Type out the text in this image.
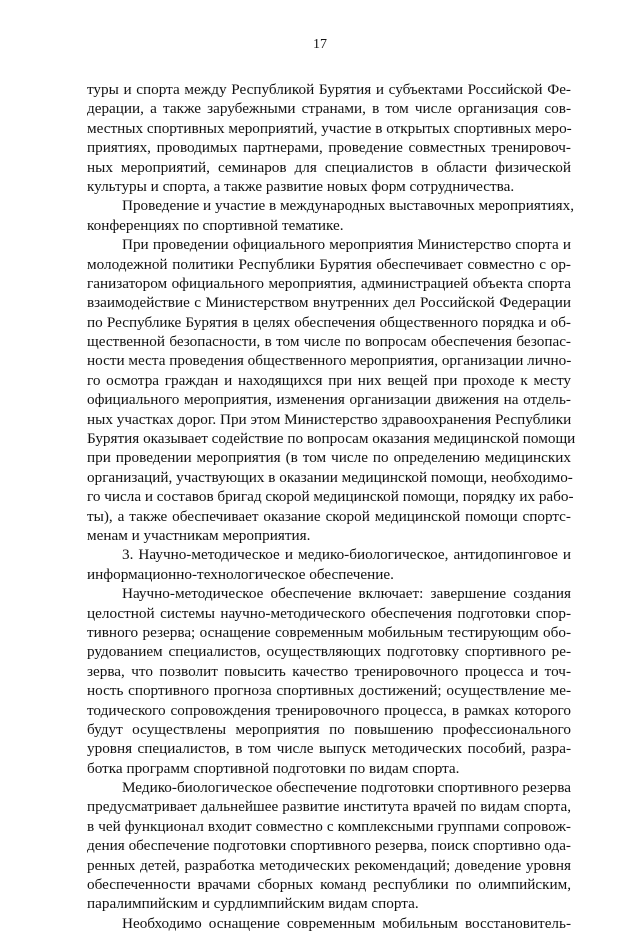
17
туры и спорта между Республикой Бурятия и субъектами Российской Фе-
дерации, а также зарубежными странами, в том числе организация сов-
местных спортивных мероприятий, участие в открытых спортивных меро-
приятиях, проводимых партнерами, проведение совместных тренировоч-
ных мероприятий, семинаров для специалистов в области физической
культуры и спорта, а также развитие новых форм сотрудничества.
Проведение и участие в международных выставочных мероприятиях,
конференциях по спортивной тематике.
При проведении официального мероприятия Министерство спорта и
молодежной политики Республики Бурятия обеспечивает совместно с ор-
ганизатором официального мероприятия, администрацией объекта спорта
взаимодействие с Министерством внутренних дел Российской Федерации
по Республике Бурятия в целях обеспечения общественного порядка и об-
щественной безопасности, в том числе по вопросам обеспечения безопас-
ности места проведения общественного мероприятия, организации лично-
го осмотра граждан и находящихся при них вещей при проходе к месту
официального мероприятия, изменения организации движения на отдель-
ных участках дорог. При этом Министерство здравоохранения Республики
Бурятия оказывает содействие по вопросам оказания медицинской помощи
при проведении мероприятия (в том числе по определению медицинских
организаций, участвующих в оказании медицинской помощи, необходимо-
го числа и составов бригад скорой медицинской помощи, порядку их рабо-
ты), а также обеспечивает оказание скорой медицинской помощи спортс-
менам и участникам мероприятия.
3. Научно-методическое и медико-биологическое, антидопинговое и
информационно-технологическое обеспечение.
Научно-методическое обеспечение включает: завершение создания
целостной системы научно-методического обеспечения подготовки спор-
тивного резерва; оснащение современным мобильным тестирующим обо-
рудованием специалистов, осуществляющих подготовку спортивного ре-
зерва, что позволит повысить качество тренировочного процесса и точ-
ность спортивного прогноза спортивных достижений; осуществление ме-
тодического сопровождения тренировочного процесса, в рамках которого
будут осуществлены мероприятия по повышению профессионального
уровня специалистов, в том числе выпуск методических пособий, разра-
ботка программ спортивной подготовки по видам спорта.
Медико-биологическое обеспечение подготовки спортивного резерва
предусматривает дальнейшее развитие института врачей по видам спорта,
в чей функционал входит совместно с комплексными группами сопровож-
дения обеспечение подготовки спортивного резерва, поиск спортивно ода-
ренных детей, разработка методических рекомендаций; доведение уровня
обеспеченности врачами сборных команд республики по олимпийским,
паралимпийским и сурдлимпийским видам спорта.
Необходимо оснащение современным мобильным восстановитель-
